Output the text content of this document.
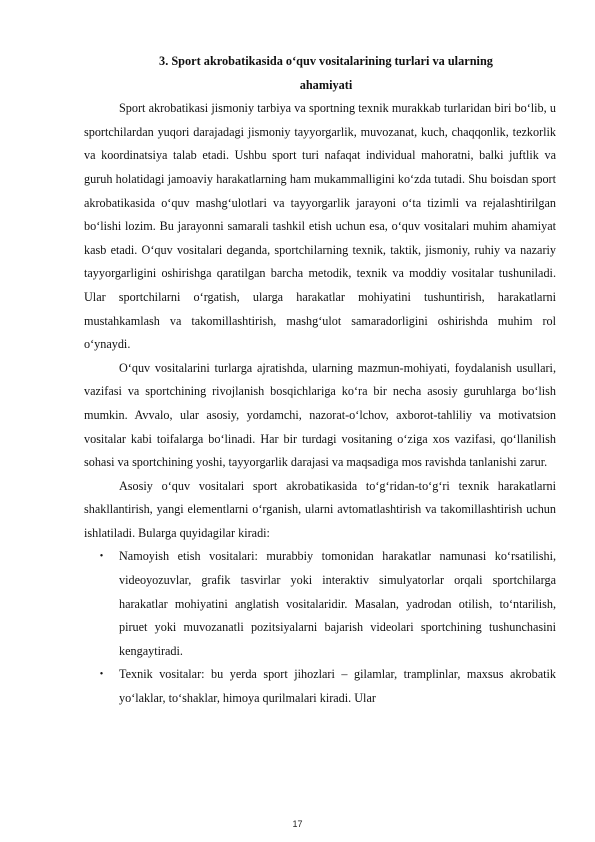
3. Sport akrobatikasida o‘quv vositalarining turlari va ularning
ahamiyati

Sport akrobatikasi jismoniy tarbiya va sportning texnik murakkab turlaridan biri bo‘lib, u sportchilardan yuqori darajadagi jismoniy tayyorgarlik, muvozanat, kuch, chaqqonlik, tezkorlik va koordinatsiya talab etadi. Ushbu sport turi nafaqat individual mahoratni, balki juftlik va guruh holatidagi jamoaviy harakatlarning ham mukammalligini ko‘zda tutadi. Shu boisdan sport akrobatikasida o‘quv mashg‘ulotlari va tayyorgarlik jarayoni o‘ta tizimli va rejalashtirilgan bo‘lishi lozim. Bu jarayonni samarali tashkil etish uchun esa, o‘quv vositalari muhim ahamiyat kasb etadi. O‘quv vositalari deganda, sportchilarning texnik, taktik, jismoniy, ruhiy va nazariy tayyorgarligini oshirishga qaratilgan barcha metodik, texnik va moddiy vositalar tushuniladi. Ular sportchilarni o‘rgatish, ularga harakatlar mohiyatini tushuntirish, harakatlarni mustahkamlash va takomillashtirish, mashg‘ulot samaradorligini oshirishda muhim rol o‘ynaydi.

O‘quv vositalarini turlarga ajratishda, ularning mazmun-mohiyati, foydalanish usullari, vazifasi va sportchining rivojlanish bosqichlariga ko‘ra bir necha asosiy guruhlarga bo‘lish mumkin. Avvalo, ular asosiy, yordamchi, nazorat-o‘lchov, axborot-tahliliy va motivatsion vositalar kabi toifalarga bo‘linadi. Har bir turdagi vositaning o‘ziga xos vazifasi, qo‘llanilish sohasi va sportchining yoshi, tayyorgarlik darajasi va maqsadiga mos ravishda tanlanishi zarur.

Asosiy o‘quv vositalari sport akrobatikasida to‘g‘ridan-to‘g‘ri texnik harakatlarni shakllantirish, yangi elementlarni o‘rganish, ularni avtomatlashtirish va takomillashtirish uchun ishlatiladi. Bularga quyidagilar kiradi:

•	Namoyish etish vositalari: murabbiy tomonidan harakatlar namunasi ko‘rsatilishi, videoyozuvlar, grafik tasvirlar yoki interaktiv simulyatorlar orqali sportchilarga harakatlar mohiyatini anglatish vositalaridir. Masalan, yadrodan otilish, to‘ntarilish, piruet yoki muvozanatli pozitsiyalarni bajarish videolari sportchining tushunchasini kengaytiradi.
•	Texnik vositalar: bu yerda sport jihozlari – gilamlar, tramplinlar, maxsus akrobatik yo‘laklar, to‘shaklar, himoya qurilmalari kiradi. Ular
17
